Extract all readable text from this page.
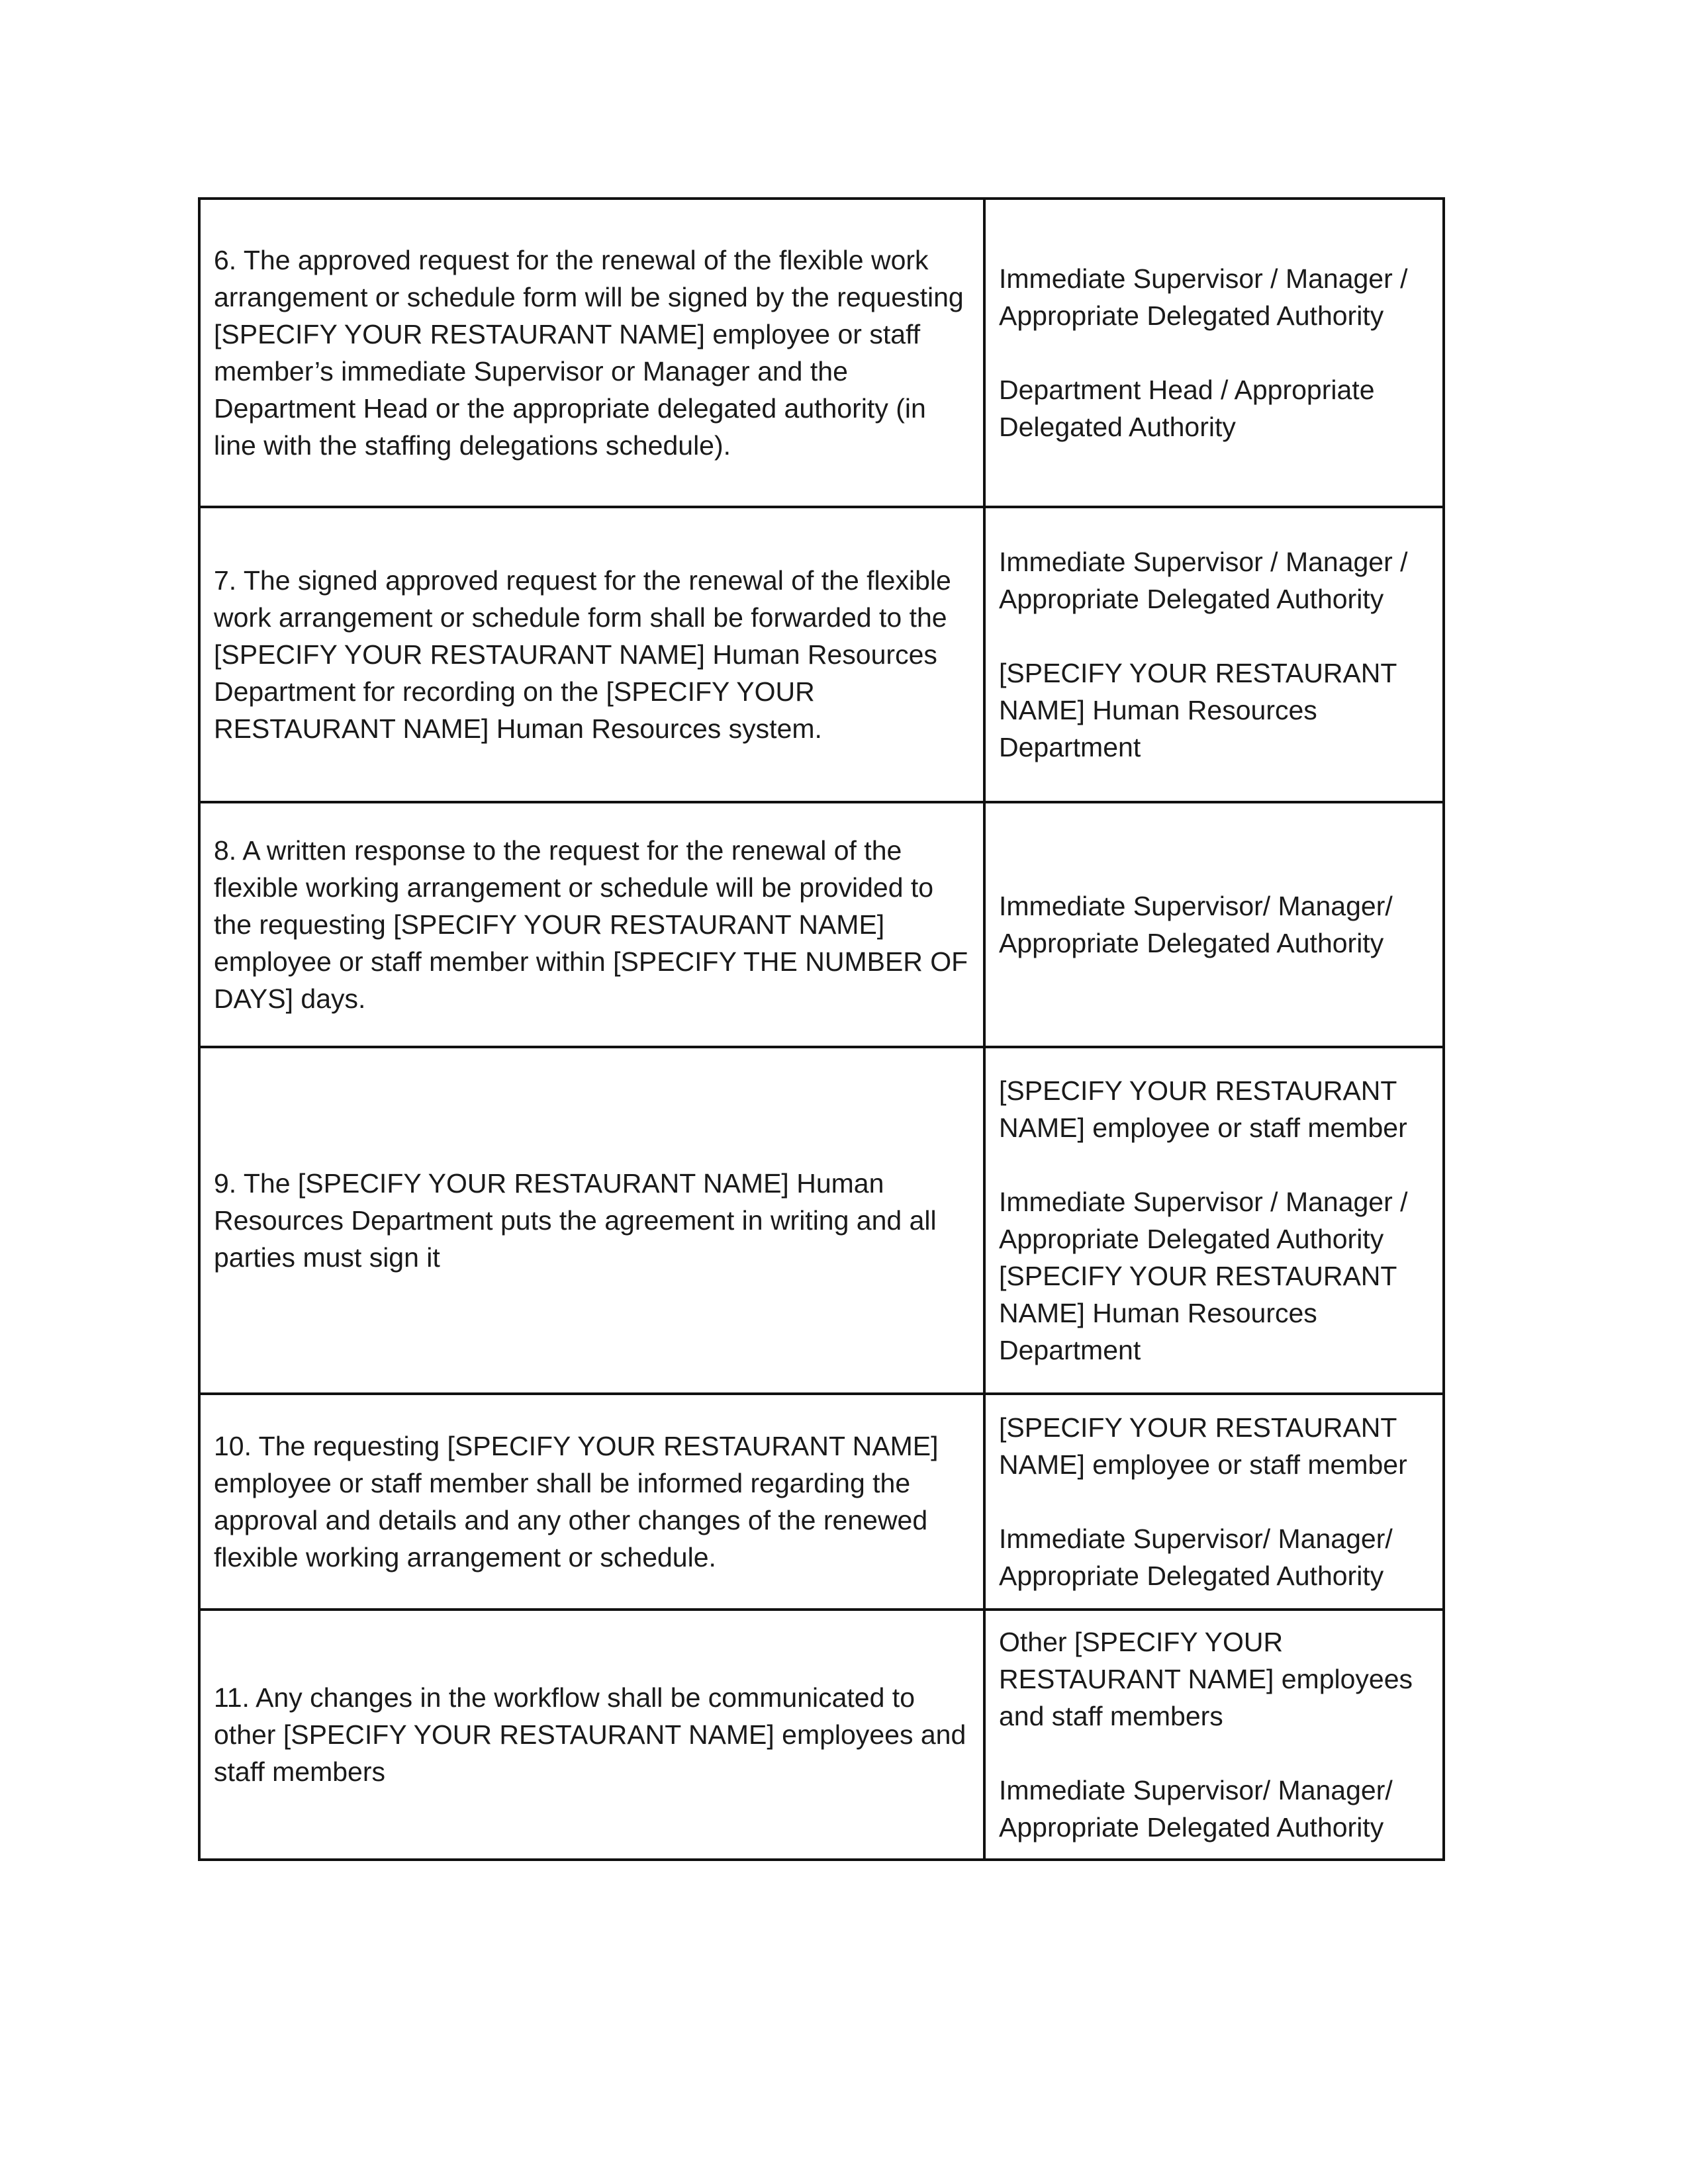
6. The approved request for the renewal of the flexible work arrangement or schedule form will be signed by the requesting [SPECIFY YOUR RESTAURANT NAME] employee or staff member’s immediate Supervisor or Manager and the Department Head or the appropriate delegated authority (in line with the staffing delegations schedule).	Immediate Supervisor / Manager / Appropriate Delegated Authority
Department Head / Appropriate Delegated Authority

7. The signed approved request for the renewal of the flexible work arrangement or schedule form shall be forwarded to the [SPECIFY YOUR RESTAURANT NAME] Human Resources Department for recording on the [SPECIFY YOUR RESTAURANT NAME] Human Resources system.	Immediate Supervisor / Manager / Appropriate Delegated Authority
[SPECIFY YOUR RESTAURANT NAME] Human Resources Department

8. A written response to the request for the renewal of the flexible working arrangement or schedule will be provided to the requesting [SPECIFY YOUR RESTAURANT NAME] employee or staff member within [SPECIFY THE NUMBER OF DAYS] days.	Immediate Supervisor/ Manager/ Appropriate Delegated Authority

9. The [SPECIFY YOUR RESTAURANT NAME] Human Resources Department puts the agreement in writing and all parties must sign it	[SPECIFY YOUR RESTAURANT NAME] employee or staff member
Immediate Supervisor / Manager / Appropriate Delegated Authority
[SPECIFY YOUR RESTAURANT NAME] Human Resources Department

10. The requesting [SPECIFY YOUR RESTAURANT NAME] employee or staff member shall be informed regarding the approval and details and any other changes of the renewed flexible working arrangement or schedule.	[SPECIFY YOUR RESTAURANT NAME] employee or staff member
Immediate Supervisor/ Manager/ Appropriate Delegated Authority

11. Any changes in the workflow shall be communicated to other [SPECIFY YOUR RESTAURANT NAME] employees and staff members	Other [SPECIFY YOUR RESTAURANT NAME] employees and staff members
Immediate Supervisor/ Manager/ Appropriate Delegated Authority
